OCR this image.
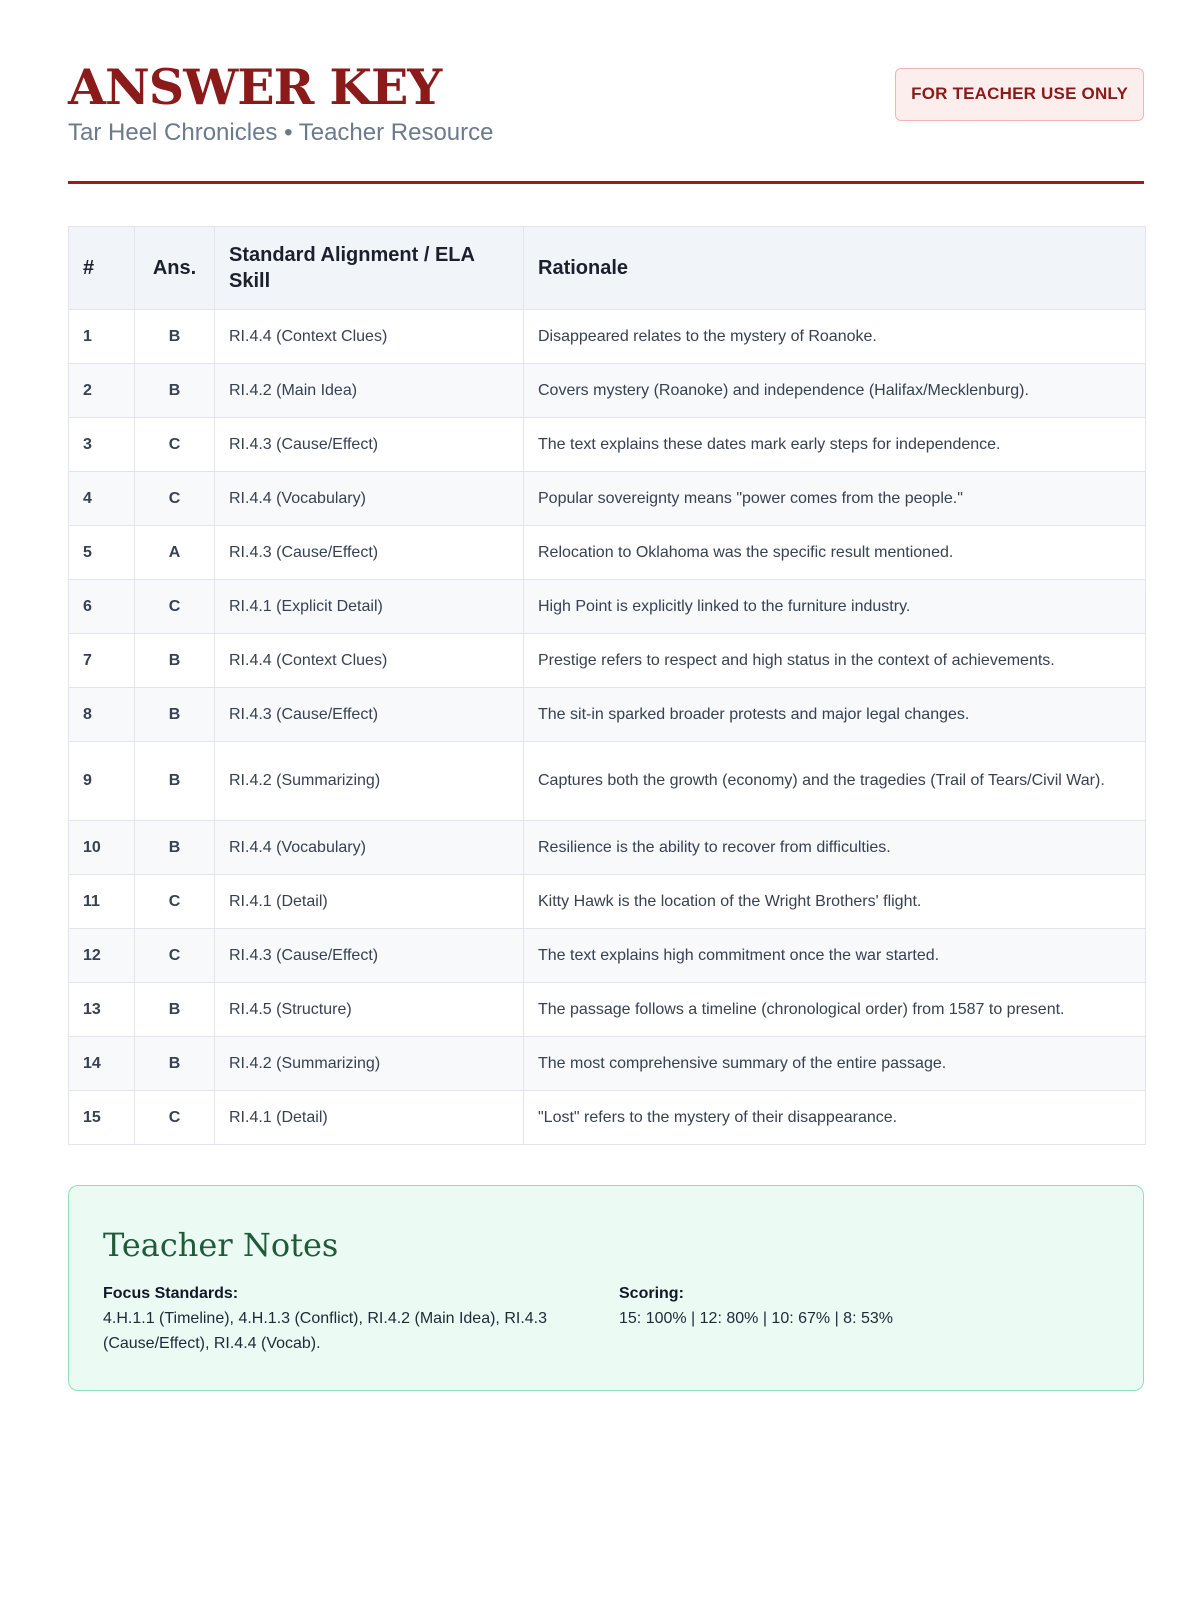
ANSWER KEY
Tar Heel Chronicles • Teacher Resource
FOR TEACHER USE ONLY
#	Ans.	Standard Alignment / ELA Skill	Rationale
1	B	RI.4.4 (Context Clues)	Disappeared relates to the mystery of Roanoke.
2	B	RI.4.2 (Main Idea)	Covers mystery (Roanoke) and independence (Halifax/Mecklenburg).
3	C	RI.4.3 (Cause/Effect)	The text explains these dates mark early steps for independence.
4	C	RI.4.4 (Vocabulary)	Popular sovereignty means "power comes from the people."
5	A	RI.4.3 (Cause/Effect)	Relocation to Oklahoma was the specific result mentioned.
6	C	RI.4.1 (Explicit Detail)	High Point is explicitly linked to the furniture industry.
7	B	RI.4.4 (Context Clues)	Prestige refers to respect and high status in the context of achievements.
8	B	RI.4.3 (Cause/Effect)	The sit-in sparked broader protests and major legal changes.
9	B	RI.4.2 (Summarizing)	Captures both the growth (economy) and the tragedies (Trail of Tears/Civil War).
10	B	RI.4.4 (Vocabulary)	Resilience is the ability to recover from difficulties.
11	C	RI.4.1 (Detail)	Kitty Hawk is the location of the Wright Brothers' flight.
12	C	RI.4.3 (Cause/Effect)	The text explains high commitment once the war started.
13	B	RI.4.5 (Structure)	The passage follows a timeline (chronological order) from 1587 to present.
14	B	RI.4.2 (Summarizing)	The most comprehensive summary of the entire passage.
15	C	RI.4.1 (Detail)	"Lost" refers to the mystery of their disappearance.
Teacher Notes
Focus Standards:
4.H.1.1 (Timeline), 4.H.1.3 (Conflict), RI.4.2 (Main Idea), RI.4.3 (Cause/Effect), RI.4.4 (Vocab).
Scoring:
15: 100% | 12: 80% | 10: 67% | 8: 53%
